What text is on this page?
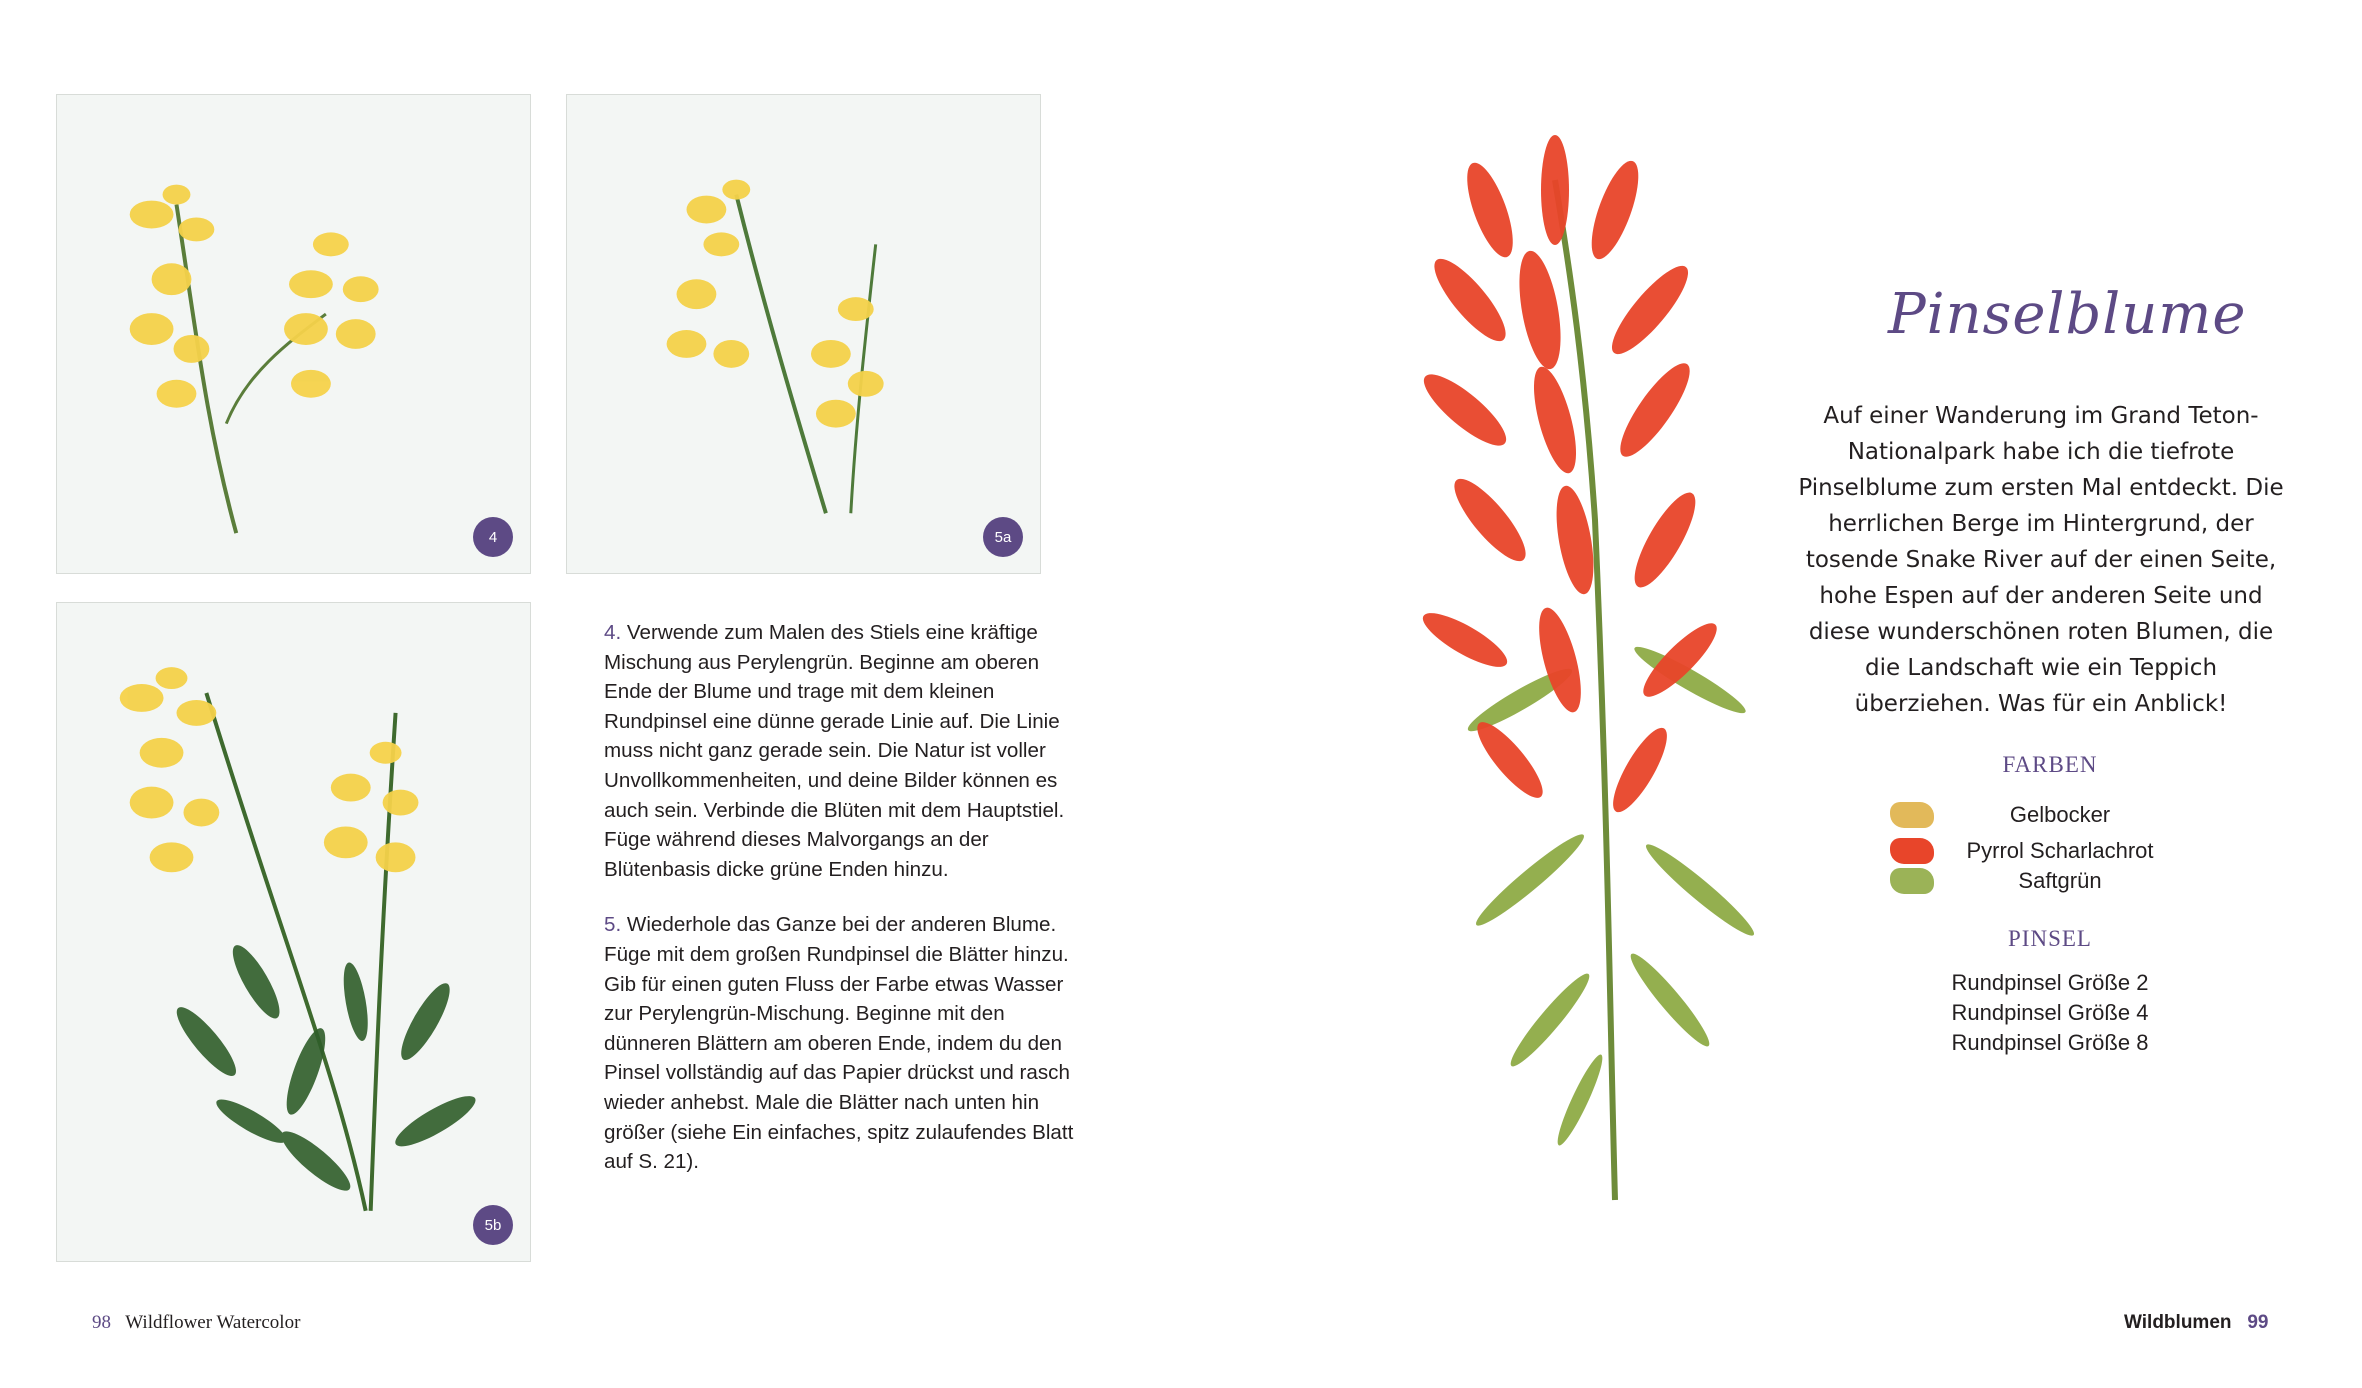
4	5a
5b

4. Verwende zum Malen des Stiels eine kräftige Mischung aus Perylengrün. Beginne am oberen Ende der Blume und trage mit dem kleinen Rundpinsel eine dünne gerade Linie auf. Die Linie muss nicht ganz gerade sein. Die Natur ist voller Unvollkommenheiten, und deine Bilder können es auch sein. Verbinde die Blüten mit dem Hauptstiel. Füge während dieses Malvorgangs an der Blütenbasis dicke grüne Enden hinzu.

5. Wiederhole das Ganze bei der anderen Blume. Füge mit dem großen Rundpinsel die Blätter hinzu. Gib für einen guten Fluss der Farbe etwas Wasser zur Perylengrün-Mischung. Beginne mit den dünneren Blättern am oberen Ende, indem du den Pinsel vollständig auf das Papier drückst und rasch wieder anhebst. Male die Blätter nach unten hin größer (siehe Ein einfaches, spitz zulaufendes Blatt auf S. 21).

98 Wildflower Watercolor
Pinselblume
Auf einer Wanderung im Grand Teton-Nationalpark habe ich die tiefrote Pinselblume zum ersten Mal entdeckt. Die herrlichen Berge im Hintergrund, der tosende Snake River auf der einen Seite, hohe Espen auf der anderen Seite und diese wunderschönen roten Blumen, die die Landschaft wie ein Teppich überziehen. Was für ein Anblick!
FARBEN
Gelbocker
Pyrrol Scharlachrot
Saftgrün
PINSEL
Rundpinsel Größe 2
Rundpinsel Größe 4
Rundpinsel Größe 8
Wildblumen 99
